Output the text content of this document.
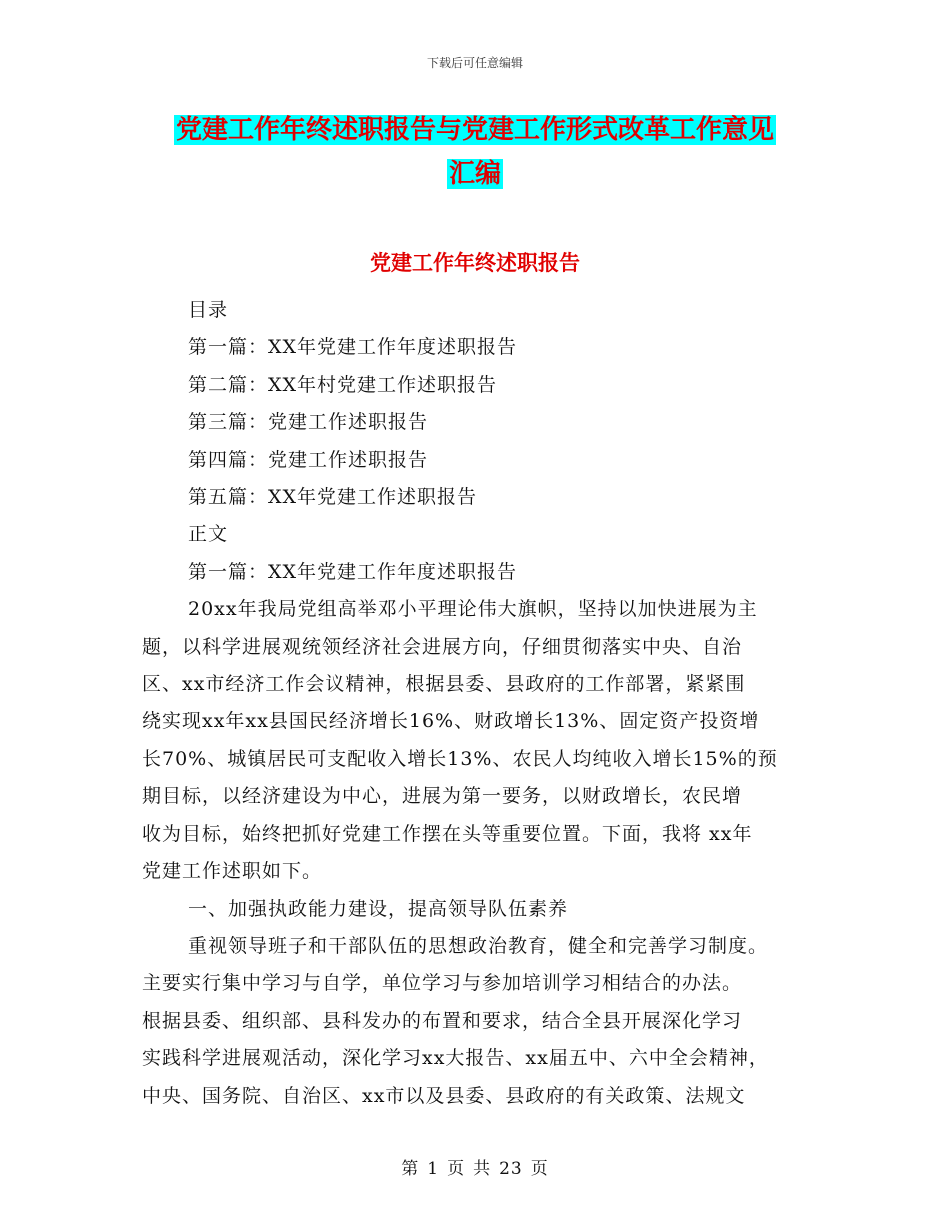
下载后可任意编辑
党建工作年终述职报告与党建工作形式改革工作意见
汇编
党建工作年终述职报告

目录

第一篇：XX年党建工作年度述职报告

第二篇：XX年村党建工作述职报告

第三篇：党建工作述职报告

第四篇：党建工作述职报告

第五篇：XX年党建工作述职报告

正文

第一篇：XX年党建工作年度述职报告

20xx年我局党组高举邓小平理论伟大旗帜，坚持以加快进展为主

题，以科学进展观统领经济社会进展方向，仔细贯彻落实中央、自治

区、xx市经济工作会议精神，根据县委、县政府的工作部署，紧紧围

绕实现xx年xx县国民经济增长16%、财政增长13%、固定资产投资增

长70%、城镇居民可支配收入增长13%、农民人均纯收入增长15%的预

期目标，以经济建设为中心，进展为第一要务，以财政增长，农民增

收为目标，始终把抓好党建工作摆在头等重要位置。下面，我将 xx年

党建工作述职如下。

一、加强执政能力建设，提高领导队伍素养

重视领导班子和干部队伍的思想政治教育，健全和完善学习制度。

主要实行集中学习与自学，单位学习与参加培训学习相结合的办法。

根据县委、组织部、县科发办的布置和要求，结合全县开展深化学习

实践科学进展观活动，深化学习xx大报告、xx届五中、六中全会精神，

中央、国务院、自治区、xx市以及县委、县政府的有关政策、法规文

第 1 页 共 23 页
